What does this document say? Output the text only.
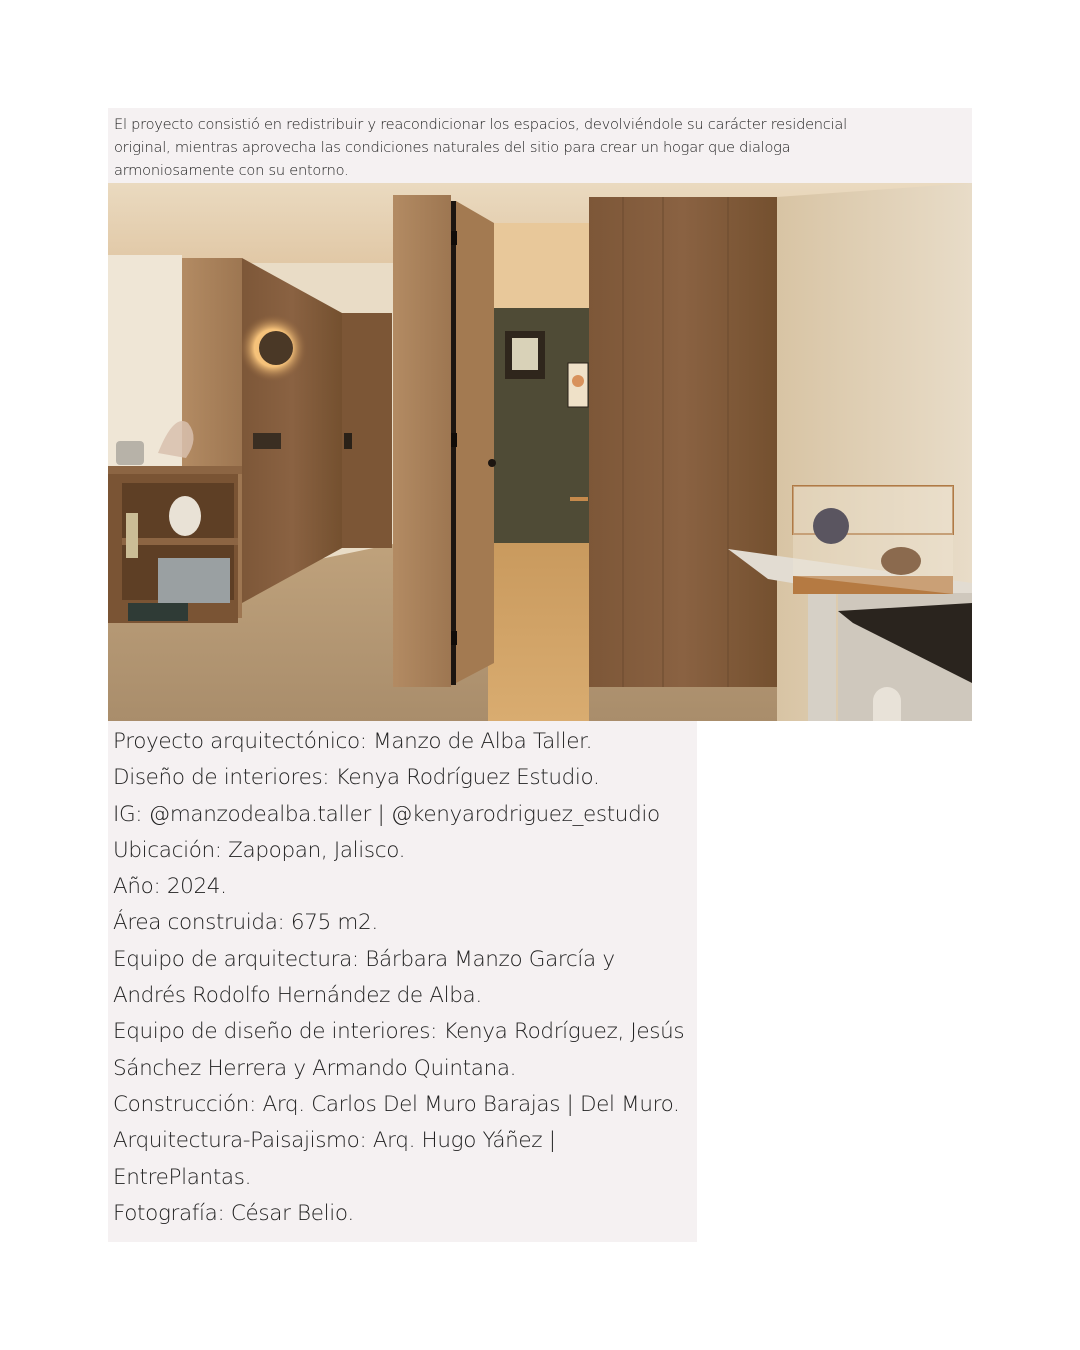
El proyecto consistió en redistribuir y reacondicionar los espacios, devolviéndole su carácter residencial
original, mientras aprovecha las condiciones naturales del sitio para crear un hogar que dialoga
armoniosamente con su entorno.
Proyecto arquitectónico: Manzo de Alba Taller.
Diseño de interiores: Kenya Rodríguez Estudio.
IG: @manzodealba.taller | @kenyarodriguez_estudio
Ubicación: Zapopan, Jalisco.
Año: 2024.
Área construida: 675 m2.
Equipo de arquitectura: Bárbara Manzo García y
Andrés Rodolfo Hernández de Alba.
Equipo de diseño de interiores: Kenya Rodríguez, Jesús
Sánchez Herrera y Armando Quintana.
Construcción: Arq. Carlos Del Muro Barajas | Del Muro.
Arquitectura-Paisajismo: Arq. Hugo Yáñez |
EntrePlantas.
Fotografía: César Belio.
